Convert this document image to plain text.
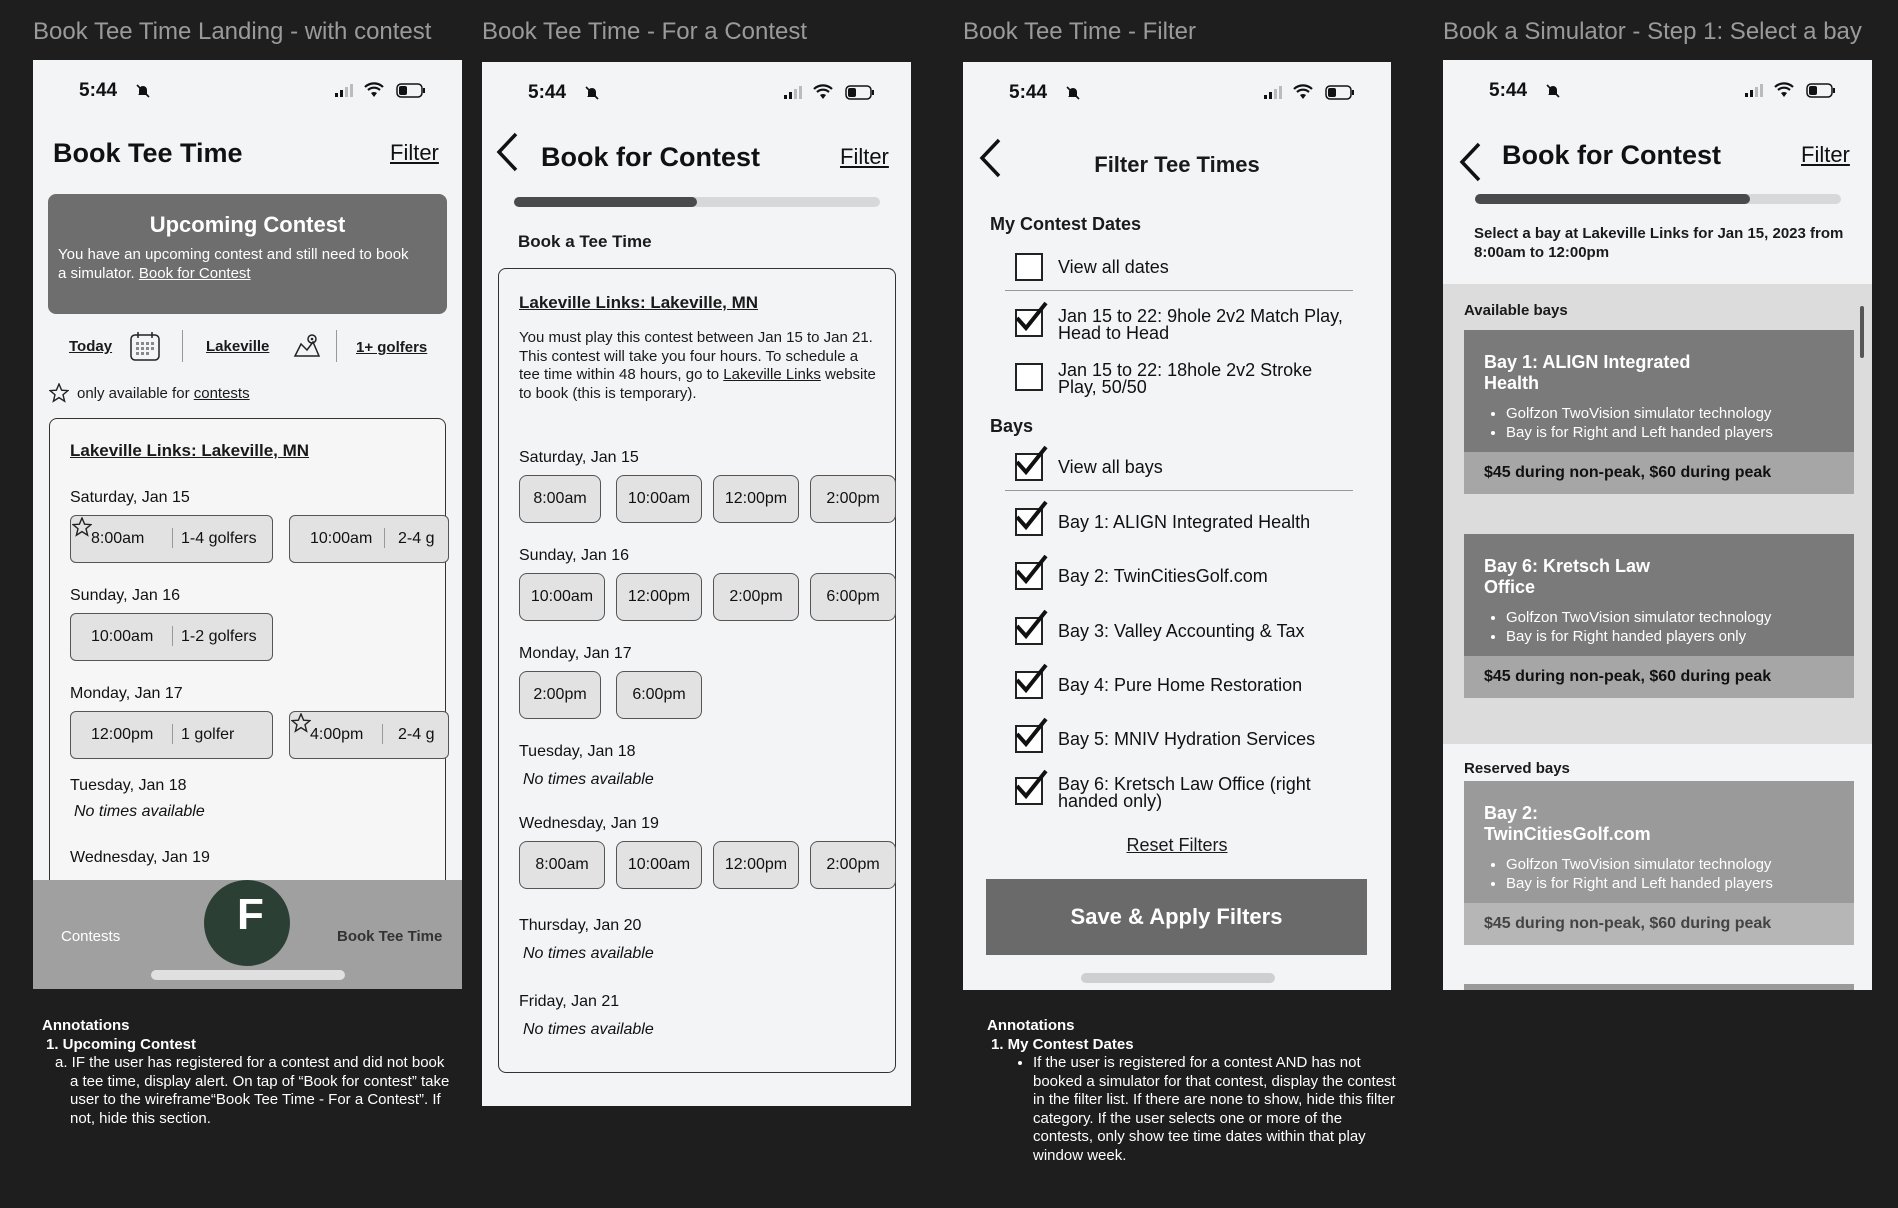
Book Tee Time Landing - with contest Book Tee Time - For a Contest	Book Tee Time - Filter	Book a Simulator - Step 1: Select a bay
5:44
Book Tee Time	Filter
Upcoming Contest
You have an upcoming contest and still need to book a simulator. Book for Contest
Today	Lakeville	1+ golfers
only available for contests
Lakeville Links: Lakeville, MN
Saturday, Jan 15
8:00am 1-4 golfers	10:00am 2-4 g
Sunday, Jan 16
10:00am 1-2 golfers
Monday, Jan 17
12:00pm 1 golfer	4:00pm 2-4 g
Tuesday, Jan 18
No times available
Wednesday, Jan 19
Contests	F	Book Tee Time
5:44
Book for Contest	Filter
Book a Tee Time
Lakeville Links: Lakeville, MN
You must play this contest between Jan 15 to Jan 21. This contest will take you four hours. To schedule a tee time within 48 hours, go to Lakeville Links website to book (this is temporary).
Saturday, Jan 15
8:00am	10:00am	12:00pm	2:00pm
Sunday, Jan 16
10:00am	12:00pm	2:00pm	6:00pm
Monday, Jan 17
2:00pm	6:00pm
Tuesday, Jan 18
No times available
Wednesday, Jan 19
8:00am	10:00am	12:00pm	2:00pm
Thursday, Jan 20
No times available
Friday, Jan 21
No times available
5:44
Filter Tee Times
My Contest Dates
View all dates
Jan 15 to 22: 9hole 2v2 Match Play, Head to Head
Jan 15 to 22: 18hole 2v2 Stroke Play, 50/50
Bays
View all bays
Bay 1: ALIGN Integrated Health
Bay 2: TwinCitiesGolf.com
Bay 3: Valley Accounting & Tax
Bay 4: Pure Home Restoration
Bay 5: MNIV Hydration Services
Bay 6: Kretsch Law Office (right handed only)
Reset Filters
Save & Apply Filters
5:44
Book for Contest	Filter
Select a bay at Lakeville Links for Jan 15, 2023 from 8:00am to 12:00pm
Available bays
Bay 1: ALIGN Integrated Health
• Golfzon TwoVision simulator technology
• Bay is for Right and Left handed players
$45 during non-peak, $60 during peak
Bay 6: Kretsch Law Office
• Golfzon TwoVision simulator technology
• Bay is for Right handed players only
$45 during non-peak, $60 during peak
Reserved bays
Bay 2: TwinCitiesGolf.com
• Golfzon TwoVision simulator technology
• Bay is for Right and Left handed players
$45 during non-peak, $60 during peak
Annotations
1. Upcoming Contest
a. IF the user has registered for a contest and did not book a tee time, display alert. On tap of “Book for contest” take user to the wireframe“Book Tee Time - For a Contest”. If not, hide this section.
Annotations
1. My Contest Dates
• If the user is registered for a contest AND has not booked a simulator for that contest, display the contest in the filter list. If there are none to show, hide this filter category. If the user selects one or more of the contests, only show tee time dates within that play window week.
